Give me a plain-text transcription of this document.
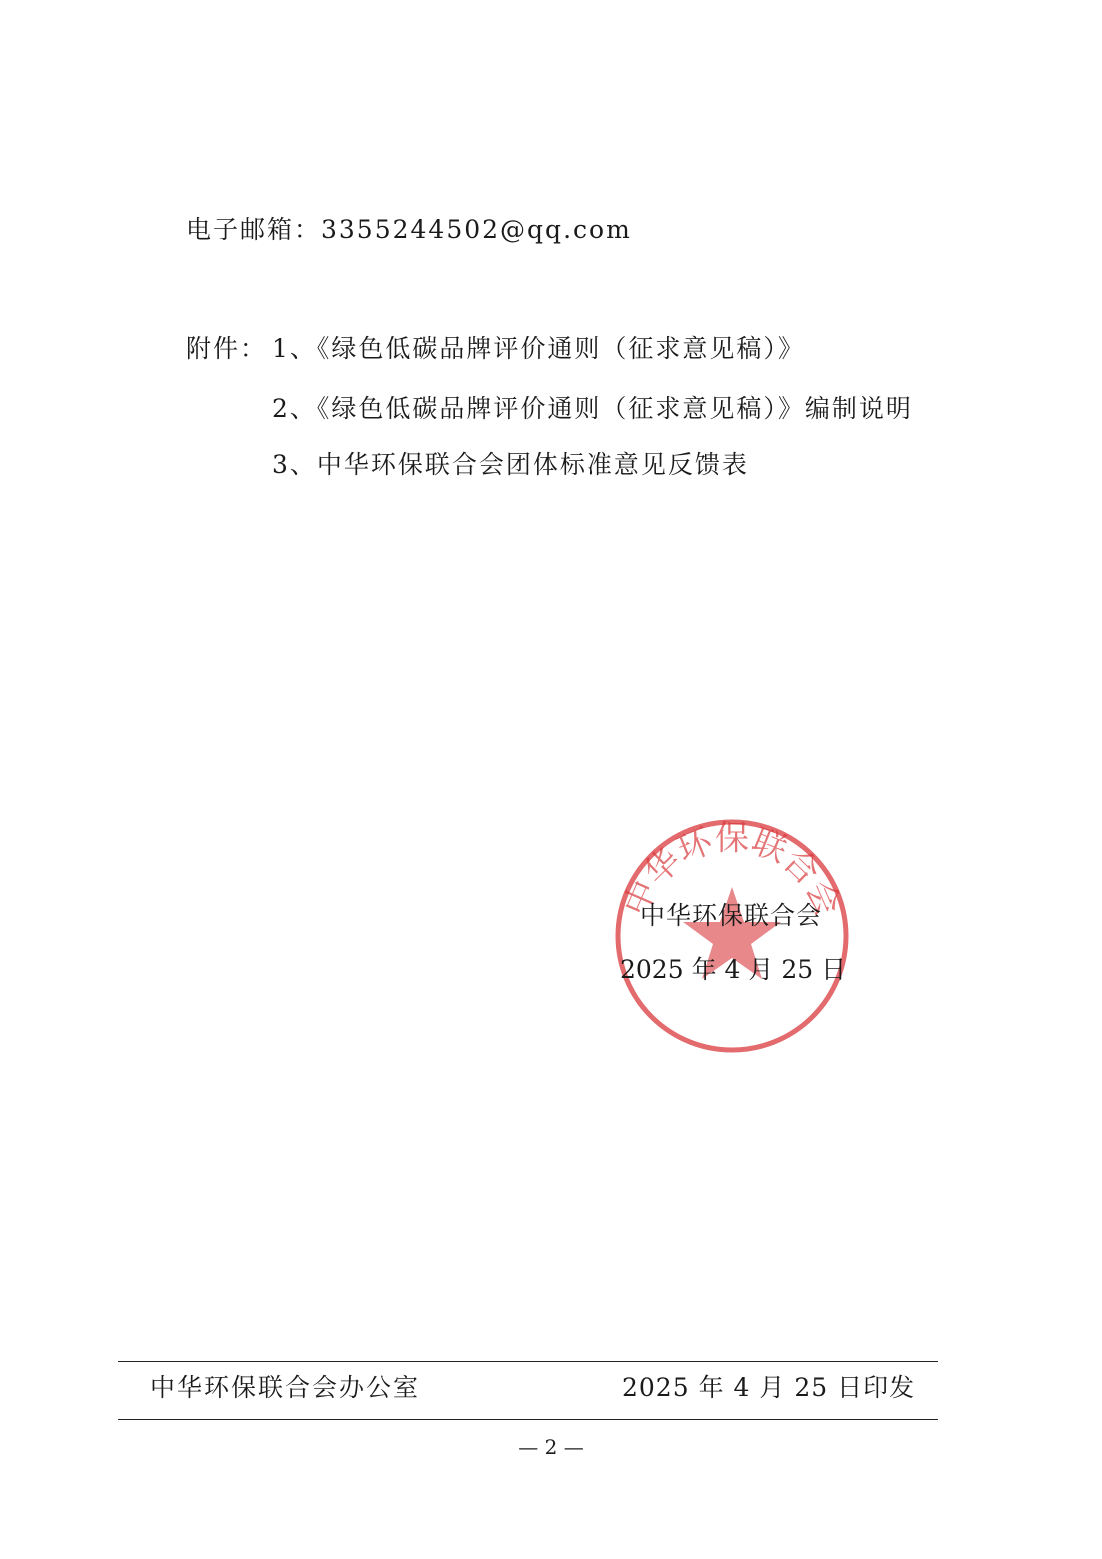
电子邮箱：3355244502@qq.com
附件： 1、《绿色低碳品牌评价通则（征求意见稿）》
2、《绿色低碳品牌评价通则（征求意见稿）》编制说明
3、中华环保联合会团体标准意见反馈表
中华环保联合会
中华环保联合会
2025 年 4 月 25 日
中华环保联合会办公室	2025 年 4 月 25 日印发
— 2 —
